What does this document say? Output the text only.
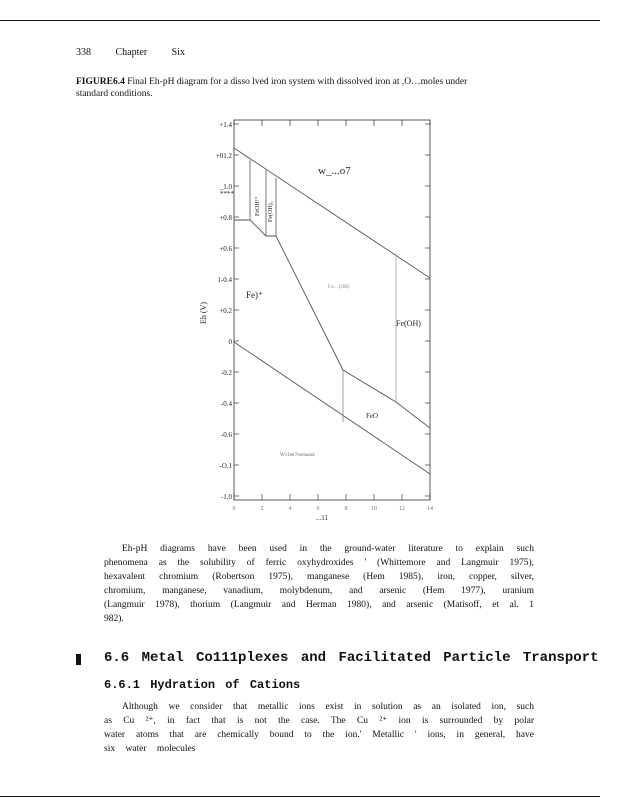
338 Chapter Six
FIGURE6.4 Final Eh-pH diagram for a disso lved iron system with dissolved iron at ,O…moles under
standard conditions.
+1.4
+01.2
_1.0
+0.8
+0.6
1-0.4
+0.2
0
-0.2
-0.4
-0.6
-O.1
-1.0
0	2	4	6	8	10	12	14
w_...o7
****
FeOH²⁺ Fe(OH)₂
Fe)⁺
F.e....(OH)
Fe(OH)
FeO
W11ter7reeluand
Eh (V)
...11
Eh-pH diagrams have been used in the ground-water literature to explain such phenomena as the solubility of ferric oxyhydroxides ' (Whittemore and Langmuir 1975), hexavalent chromium (Robertson 1975), manganese (Hem 1985), iron, copper, silver, chromium, manganese, vanadium, molybdenum, and arsenic (Hem 1977), uranium (Langmuir 1978), thorium (Langmuir and Herman 1980), and arsenic (Matisoff, et al. 1 982).
6.6 Metal Co111plexes and Facilitated Particle Transport
6.6.1 Hydration of Cations
Although we consider that metallic ions exist in solution as an isolated ion, such as Cu ²⁺, in fact that is not the case. The Cu ²⁺ ion is surrounded by polar water atoms that are chemically bound to the ion.' Metallic ' ions, in general, have six water molecules
